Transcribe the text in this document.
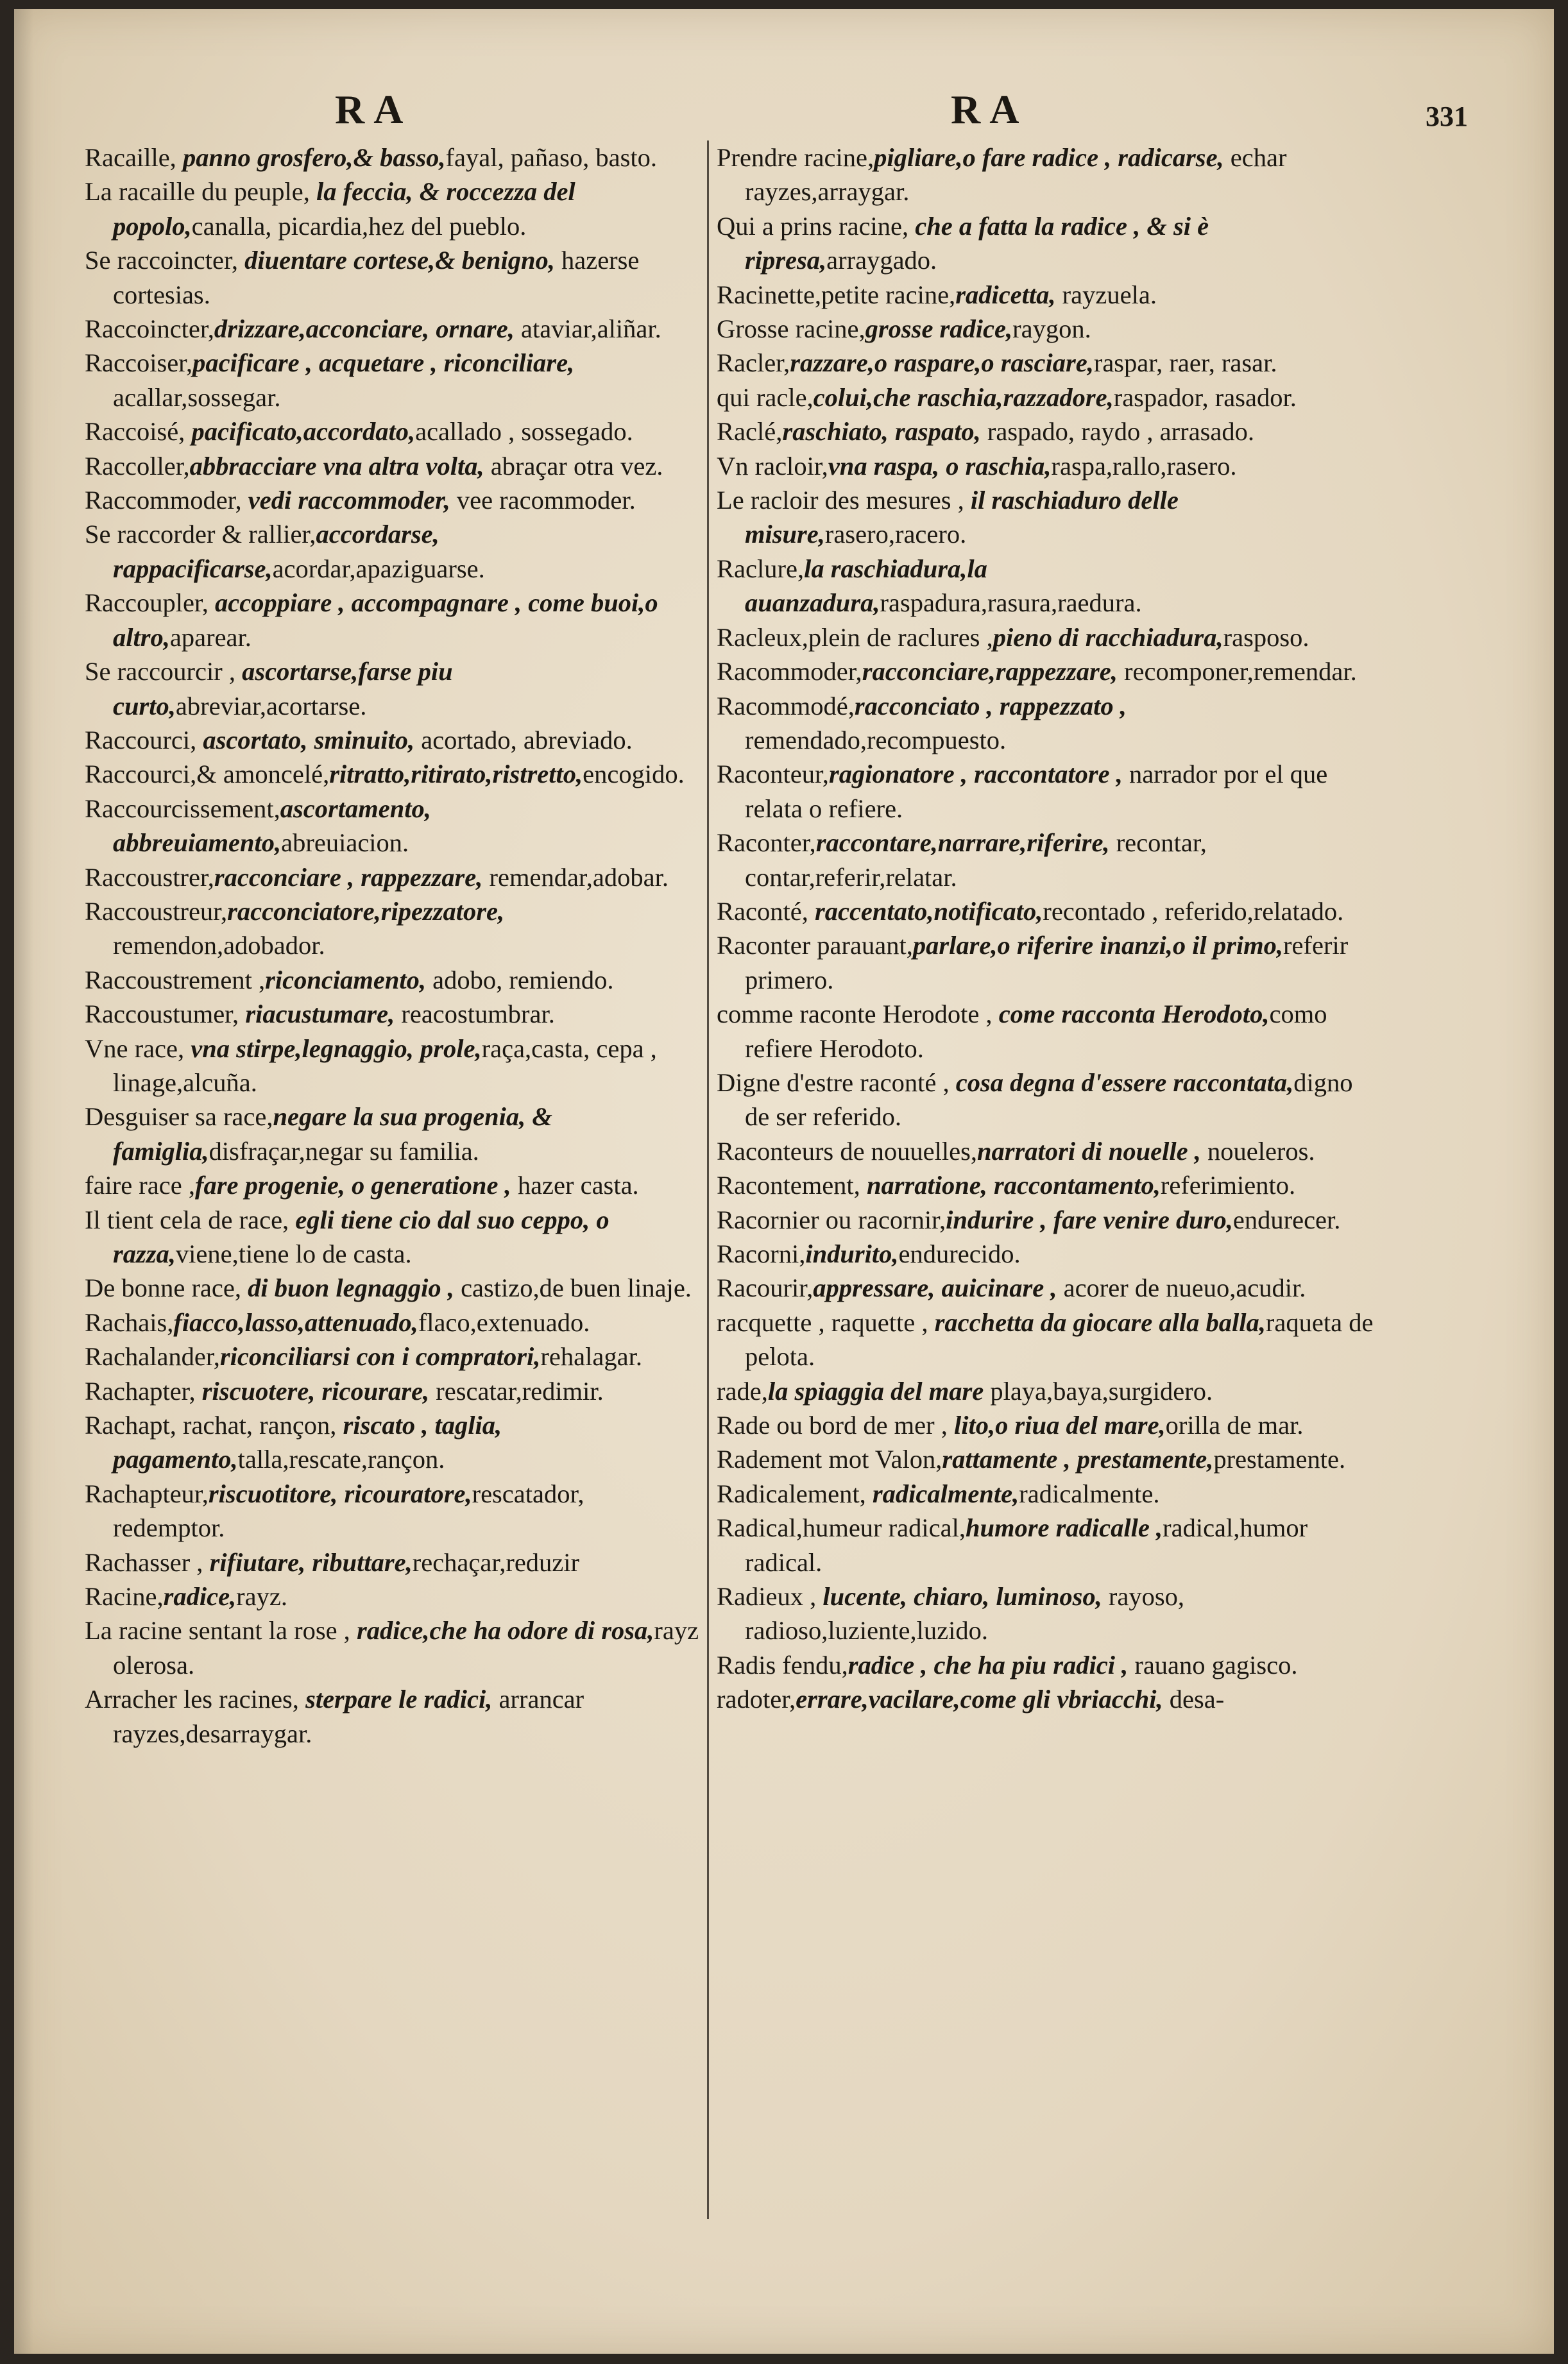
RA	RA	331

Racaille, panno grosfero,& basso,fayal, pañaso, basto.

La racaille du peuple, la feccia, & roccezza del popolo,canalla, picardia,hez del pueblo.

Se raccoincter, diuentare cortese,& benigno, hazerse cortesias.

Raccoincter,drizzare,acconciare, ornare, ataviar,aliñar.

Raccoiser,pacificare , acquetare , riconciliare, acallar,sossegar.

Raccoisé, pacificato,accordato,acallado , sossegado.

Raccoller,abbracciare vna altra volta, abraçar otra vez.

Raccommoder, vedi raccommoder, vee racommoder.

Se raccorder & rallier,accordarse, rappacificarse,acordar,apaziguarse.

Raccoupler, accoppiare , accompagnare , come buoi,o altro,aparear.

Se raccourcir , ascortarse,farse piu curto,abreviar,acortarse.

Raccourci, ascortato, sminuito, acortado, abreviado.

Raccourci,& amoncelé,ritratto,ritirato,ristretto,encogido.

Raccourcissement,ascortamento, abbreuiamento,abreuiacion.

Raccoustrer,racconciare , rappezzare, remendar,adobar.

Raccoustreur,racconciatore,ripezzatore, remendon,adobador.

Raccoustrement ,riconciamento, adobo, remiendo.

Raccoustumer, riacustumare, reacostumbrar.

Vne race, vna stirpe,legnaggio, prole,raça,casta, cepa , linage,alcuña.

Desguiser sa race,negare la sua progenia, & famiglia,disfraçar,negar su familia.

faire race ,fare progenie, o generatione , hazer casta.

Il tient cela de race, egli tiene cio dal suo ceppo, o razza,viene,tiene lo de casta.

De bonne race, di buon legnaggio , castizo,de buen linaje.

Rachais,fiacco,lasso,attenuado,flaco,extenuado.

Rachalander,riconciliarsi con i compratori,rehalagar.

Rachapter, riscuotere, ricourare, rescatar,redimir.

Rachapt, rachat, rançon, riscato , taglia, pagamento,talla,rescate,rançon.

Rachapteur,riscuotitore, ricouratore,rescatador, redemptor.

Rachasser , rifiutare, ributtare,rechaçar,reduzir

Racine,radice,rayz.

La racine sentant la rose , radice,che ha odore di rosa,rayz olerosa.

Arracher les racines, sterpare le radici, arrancar rayzes,desarraygar.

Prendre racine,pigliare,o fare radice , radicarse, echar rayzes,arraygar.

Qui a prins racine, che a fatta la radice , & si è ripresa,arraygado.

Racinette,petite racine,radicetta, rayzuela.

Grosse racine,grosse radice,raygon.

Racler,razzare,o raspare,o rasciare,raspar, raer, rasar.

qui racle,colui,che raschia,razzadore,raspador, rasador.

Raclé,raschiato, raspato, raspado, raydo , arrasado.

Vn racloir,vna raspa, o raschia,raspa,rallo,rasero.

Le racloir des mesures , il raschiaduro delle misure,rasero,racero.

Raclure,la raschiadura,la auanzadura,raspadura,rasura,raedura.

Racleux,plein de raclures ,pieno di racchiadura,rasposo.

Racommoder,racconciare,rappezzare, recomponer,remendar.

Racommodé,racconciato , rappezzato , remendado,recompuesto.

Raconteur,ragionatore , raccontatore , narrador por el que relata o refiere.

Raconter,raccontare,narrare,riferire, recontar, contar,referir,relatar.

Raconté, raccentato,notificato,recontado , referido,relatado.

Raconter parauant,parlare,o riferire inanzi,o il primo,referir primero.

comme raconte Herodote , come racconta Herodoto,como refiere Herodoto.

Digne d'estre raconté , cosa degna d'essere raccontata,digno de ser referido.

Raconteurs de nouuelles,narratori di nouelle , noueleros.

Racontement, narratione, raccontamento,referimiento.

Racornier ou racornir,indurire , fare venire duro,endurecer.

Racorni,indurito,endurecido.

Racourir,appressare, auicinare , acorer de nueuo,acudir.

racquette , raquette , racchetta da giocare alla balla,raqueta de pelota.

rade,la spiaggia del mare playa,baya,surgidero.

Rade ou bord de mer , lito,o riua del mare,orilla de mar.

Radement mot Valon,rattamente , prestamente,prestamente.

Radicalement, radicalmente,radicalmente.

Radical,humeur radical,humore radicalle ,radical,humor radical.

Radieux , lucente, chiaro, luminoso, rayoso, radioso,luziente,luzido.

Radis fendu,radice , che ha piu radici , rauano gagisco.

radoter,errare,vacilare,come gli vbriacchi, desa-
